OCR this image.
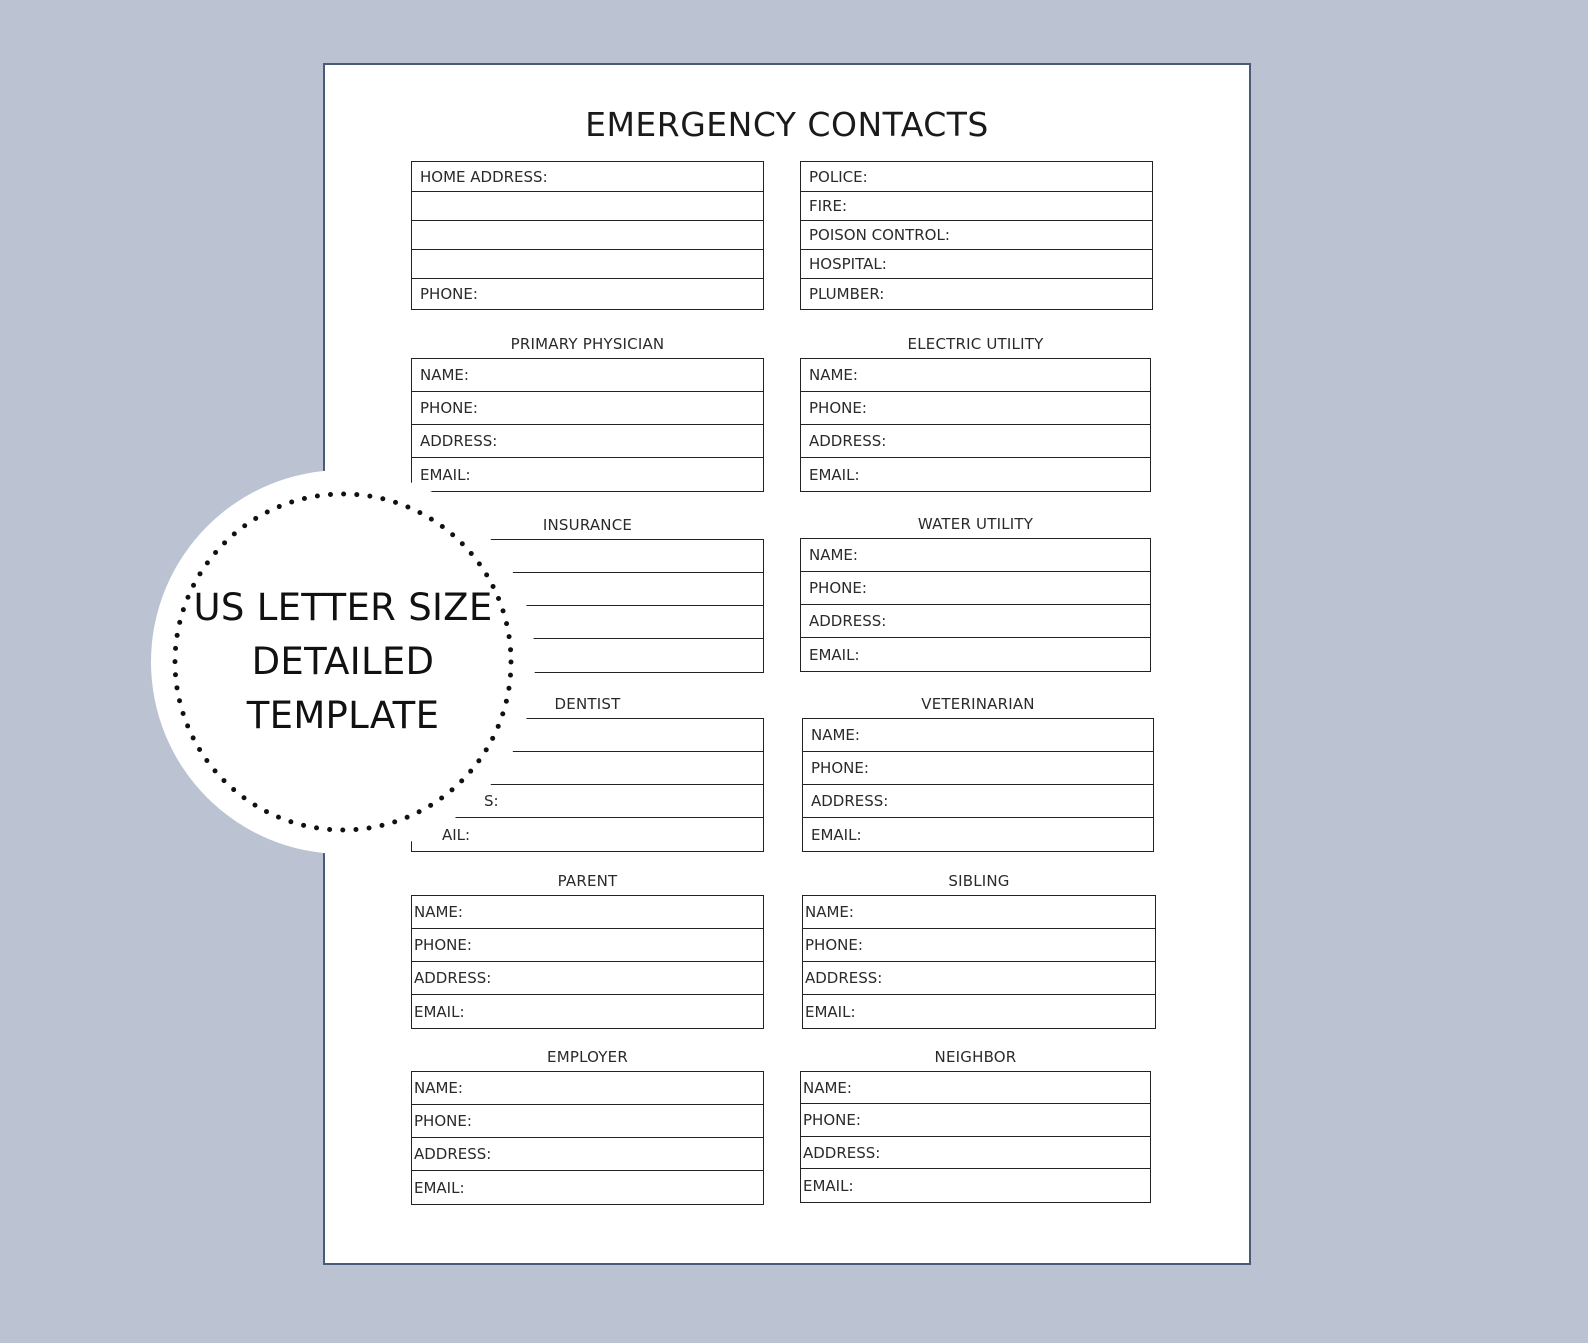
EMERGENCY CONTACTS
HOME ADDRESS:
PHONE:
POLICE:
FIRE:
POISON CONTROL:
HOSPITAL:
PLUMBER:
PRIMARY PHYSICIAN
NAME:
PHONE:
ADDRESS:
EMAIL:
ELECTRIC UTILITY
NAME:
PHONE:
ADDRESS:
EMAIL:
INSURANCE	WATER UTILITY
NAME:
PHONE:
ADDRESS:
EMAIL:
DENTIST
S:
AIL:
VETERINARIAN
NAME:
PHONE:
ADDRESS:
EMAIL:
PARENT
NAME:
PHONE:
ADDRESS:
EMAIL:
SIBLING
NAME:
PHONE:
ADDRESS:
EMAIL:
EMPLOYER
NAME:
PHONE:
ADDRESS:
EMAIL:
NEIGHBOR
NAME:
PHONE:
ADDRESS:
EMAIL:
US LETTER SIZE
DETAILED
TEMPLATE
